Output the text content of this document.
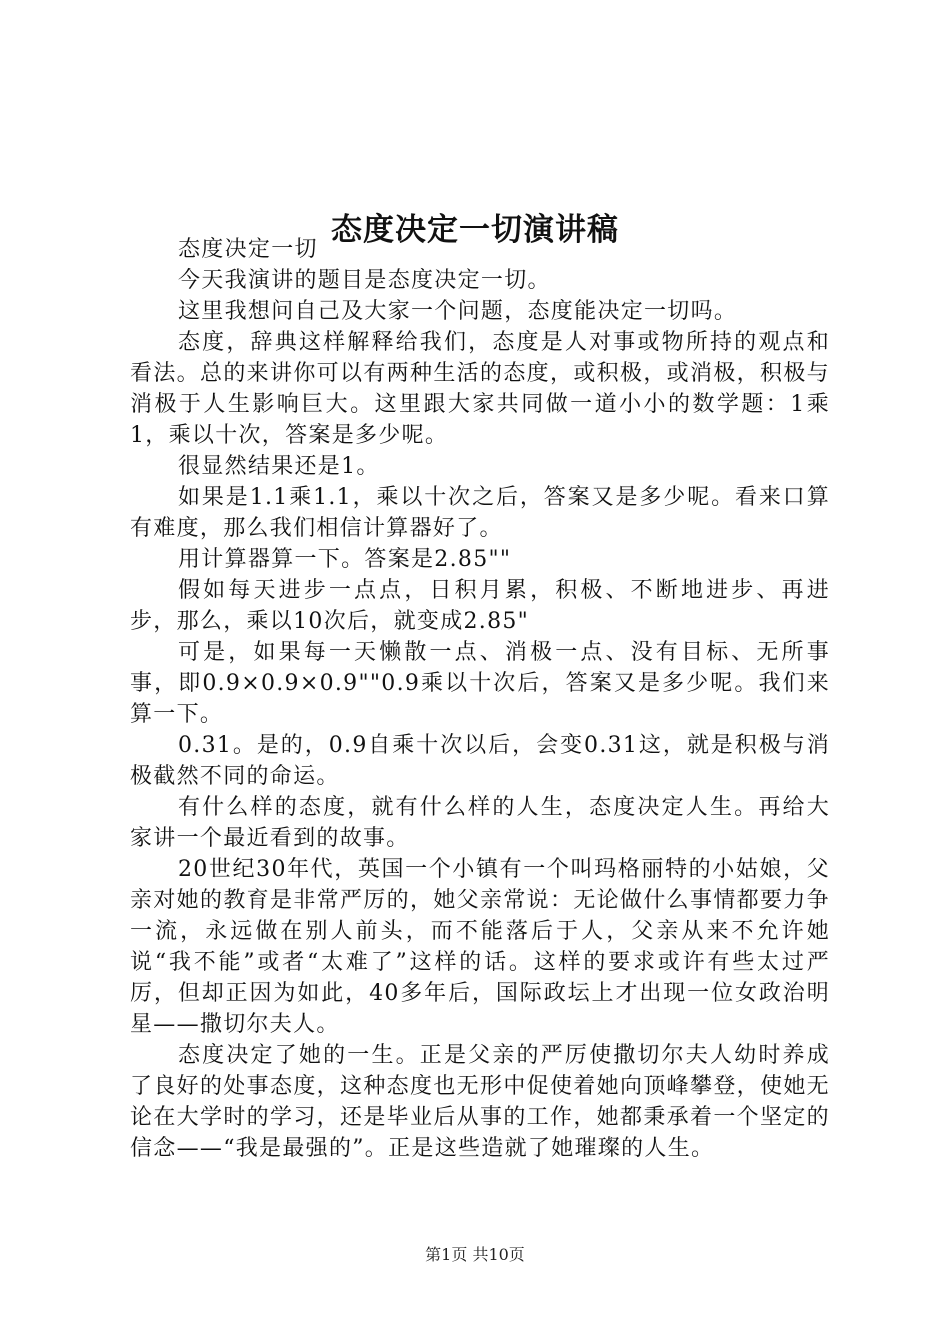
态度决定一切演讲稿

态度决定一切

今天我演讲的题目是态度决定一切。

这里我想问自己及大家一个问题，态度能决定一切吗。

态度，辞典这样解释给我们，态度是人对事或物所持的观点和看法。总的来讲你可以有两种生活的态度，或积极，或消极，积极与消极于人生影响巨大。这里跟大家共同做一道小小的数学题：1乘1，乘以十次，答案是多少呢。

很显然结果还是1。

如果是1.1乘1.1，乘以十次之后，答案又是多少呢。看来口算有难度，那么我们相信计算器好了。

用计算器算一下。答案是2.85""

假如每天进步一点点，日积月累，积极、不断地进步、再进步，那么，乘以10次后，就变成2.85"

可是，如果每一天懒散一点、消极一点、没有目标、无所事事，即0.9×0.9×0.9""0.9乘以十次后，答案又是多少呢。我们来算一下。

0.31。是的，0.9自乘十次以后，会变0.31这，就是积极与消极截然不同的命运。

有什么样的态度，就有什么样的人生，态度决定人生。再给大家讲一个最近看到的故事。

20世纪30年代，英国一个小镇有一个叫玛格丽特的小姑娘，父亲对她的教育是非常严厉的，她父亲常说：无论做什么事情都要力争一流，永远做在别人前头，而不能落后于人，父亲从来不允许她说“我不能”或者“太难了”这样的话。这样的要求或许有些太过严厉，但却正因为如此，40多年后，国际政坛上才出现一位女政治明星——撒切尔夫人。

态度决定了她的一生。正是父亲的严厉使撒切尔夫人幼时养成了良好的处事态度，这种态度也无形中促使着她向顶峰攀登，使她无论在大学时的学习，还是毕业后从事的工作，她都秉承着一个坚定的信念——“我是最强的”。正是这些造就了她璀璨的人生。

第1页 共10页
